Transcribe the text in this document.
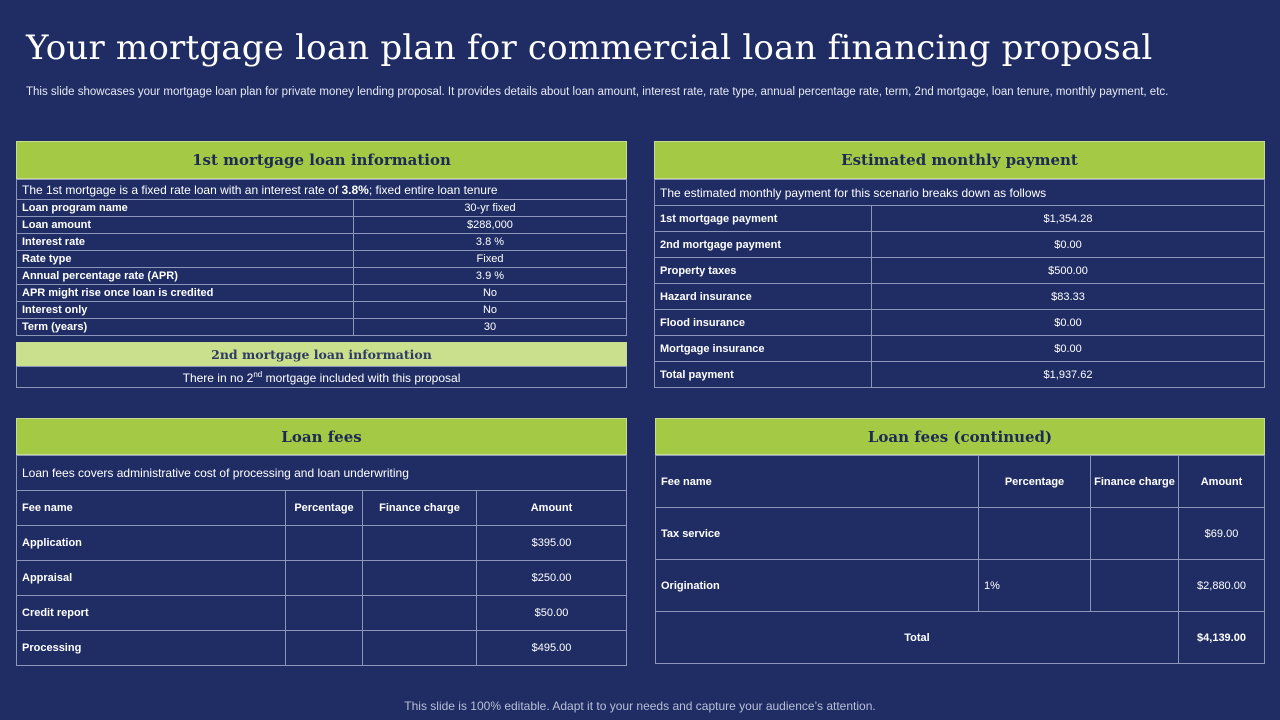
Your mortgage loan plan for commercial loan financing proposal
This slide showcases your mortgage loan plan for private money lending proposal. It provides details about loan amount, interest rate, rate type, annual percentage rate, term, 2nd mortgage, loan tenure, monthly payment, etc.
1st mortgage loan information
The 1st mortgage is a fixed rate loan with an interest rate of 3.8%; fixed entire loan tenure	
Loan program name	30-yr fixed
Loan amount	$288,000
Interest rate	3.8 %
Rate type	Fixed
Annual percentage rate (APR)	3.9 %
APR might rise once loan is credited	No
Interest only	No
Term (years)	30
2nd mortgage loan information
There in no 2nd mortgage included with this proposal
Estimated monthly payment
The estimated monthly payment for this scenario breaks down as follows	
1st mortgage payment	$1,354.28
2nd mortgage payment	$0.00
Property taxes	$500.00
Hazard insurance	$83.33
Flood insurance	$0.00
Mortgage insurance	$0.00
Total payment	$1,937.62
Loan fees
Loan fees covers administrative cost of processing and loan underwriting			
Fee name	Percentage	Finance charge	Amount
Application			$395.00
Appraisal			$250.00
Credit report			$50.00
Processing			$495.00
Loan fees (continued)
Fee name	Percentage	Finance charge	Amount
Tax service			$69.00
Origination	1%		$2,880.00
Total			$4,139.00
This slide is 100% editable. Adapt it to your needs and capture your audience’s attention.
